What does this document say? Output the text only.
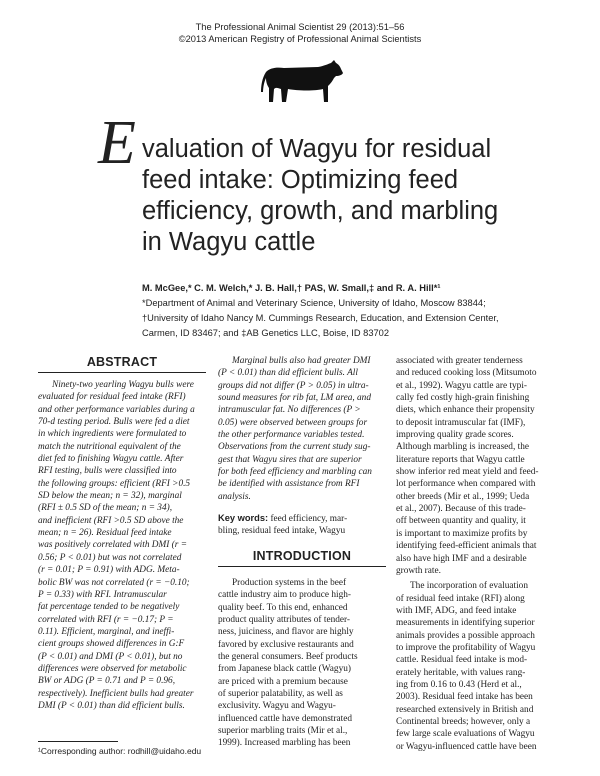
The Professional Animal Scientist 29 (2013):51–56
©2013 American Registry of Professional Animal Scientists
E valuation of Wagyu for residual
feed intake: Optimizing feed
efficiency, growth, and marbling
in Wagyu cattle
M. McGee,* C. M. Welch,* J. B. Hall,† PAS, W. Small,‡ and R. A. Hill*¹
*Department of Animal and Veterinary Science, University of Idaho, Moscow 83844;
†University of Idaho Nancy M. Cummings Research, Education, and Extension Center,
Carmen, ID 83467; and ‡AB Genetics LLC, Boise, ID 83702
ABSTRACT
Ninety-two yearling Wagyu bulls were
evaluated for residual feed intake (RFI)
and other performance variables during a
70-d testing period. Bulls were fed a diet
in which ingredients were formulated to
match the nutritional equivalent of the
diet fed to finishing Wagyu cattle. After
RFI testing, bulls were classified into
the following groups: efficient (RFI >0.5
SD below the mean; n = 32), marginal
(RFI ± 0.5 SD of the mean; n = 34),
and inefficient (RFI >0.5 SD above the
mean; n = 26). Residual feed intake
was positively correlated with DMI (r =
0.56; P < 0.01) but was not correlated
(r = 0.01; P = 0.91) with ADG. Meta-
bolic BW was not correlated (r = −0.10;
P = 0.33) with RFI. Intramuscular
fat percentage tended to be negatively
correlated with RFI (r = −0.17; P =
0.11). Efficient, marginal, and ineffi-
cient groups showed differences in G:F
(P < 0.01) and DMI (P < 0.01), but no
differences were observed for metabolic
BW or ADG (P = 0.71 and P = 0.96,
respectively). Inefficient bulls had greater
DMI (P < 0.01) than did efficient bulls.
¹Corresponding author: rodhill@uidaho.edu
Marginal bulls also had greater DMI
(P < 0.01) than did efficient bulls. All
groups did not differ (P > 0.05) in ultra-
sound measures for rib fat, LM area, and
intramuscular fat. No differences (P >
0.05) were observed between groups for
the other performance variables tested.
Observations from the current study sug-
gest that Wagyu sires that are superior
for both feed efficiency and marbling can
be identified with assistance from RFI
analysis.
Key words: feed efficiency, mar-
bling, residual feed intake, Wagyu
INTRODUCTION
Production systems in the beef
cattle industry aim to produce high-
quality beef. To this end, enhanced
product quality attributes of tender-
ness, juiciness, and flavor are highly
favored by exclusive restaurants and
the general consumers. Beef products
from Japanese black cattle (Wagyu)
are priced with a premium because
of superior palatability, as well as
exclusivity. Wagyu and Wagyu-
influenced cattle have demonstrated
superior marbling traits (Mir et al.,
1999). Increased marbling has been
associated with greater tenderness
and reduced cooking loss (Mitsumoto
et al., 1992). Wagyu cattle are typi-
cally fed costly high-grain finishing
diets, which enhance their propensity
to deposit intramuscular fat (IMF),
improving quality grade scores.
Although marbling is increased, the
literature reports that Wagyu cattle
show inferior red meat yield and feed-
lot performance when compared with
other breeds (Mir et al., 1999; Ueda
et al., 2007). Because of this trade-
off between quantity and quality, it
is important to maximize profits by
identifying feed-efficient animals that
also have high IMF and a desirable
growth rate.
The incorporation of evaluation
of residual feed intake (RFI) along
with IMF, ADG, and feed intake
measurements in identifying superior
animals provides a possible approach
to improve the profitability of Wagyu
cattle. Residual feed intake is mod-
erately heritable, with values rang-
ing from 0.16 to 0.43 (Herd et al.,
2003). Residual feed intake has been
researched extensively in British and
Continental breeds; however, only a
few large scale evaluations of Wagyu
or Wagyu-influenced cattle have been
